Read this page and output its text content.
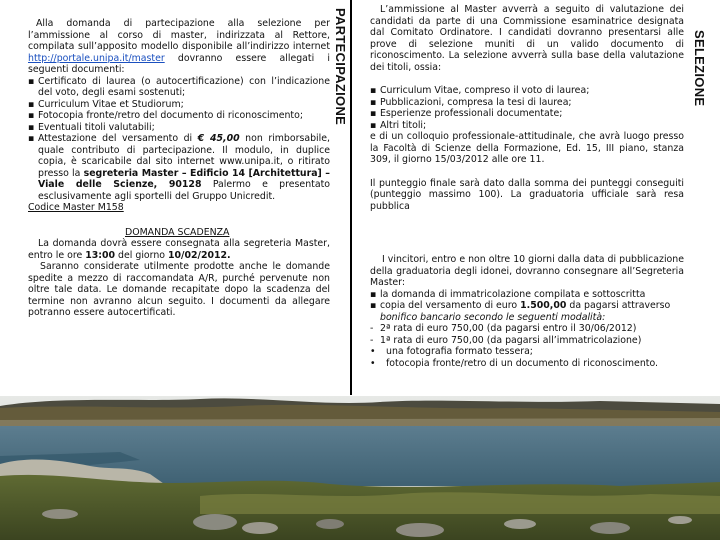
Alla domanda di partecipazione alla selezione per l’ammissione al corso di master, indirizzata al Rettore, compilata sull’apposito modello disponibile all’indirizzo internet http://portale.unipa.it/master dovranno essere allegati i seguenti documenti:

▪ Certificato di laurea (o autocertificazione) con l’indicazione del voto, degli esami sostenuti;
▪ Curriculum Vitae et Studiorum;
▪ Fotocopia fronte/retro del documento di riconoscimento;
▪ Eventuali titoli valutabili;
▪ Attestazione del versamento di € 45,00 non rimborsabile, quale contributo di partecipazione. Il modulo, in duplice copia, è scaricabile dal sito internet www.unipa.it, o ritirato presso la segreteria Master – Edificio 14 [Architettura] – Viale delle Scienze, 90128 Palermo e presentato esclusivamente agli sportelli del Gruppo Unicredit.

Codice Master M158

DOMANDA SCADENZA

La domanda dovrà essere consegnata alla segreteria Master, entro le ore 13:00 del giorno 10/02/2012.

Saranno considerate utilmente prodotte anche le domande spedite a mezzo di raccomandata A/R, purché pervenute non oltre tale data. Le domande recapitate dopo la scadenza del termine non avranno alcun seguito. I documenti da allegare potranno essere autocertificati.

PARTECIPAZIONE	L’ammissione al Master avverrà a seguito di valutazione dei candidati da parte di una Commissione esaminatrice designata dal Comitato Ordinatore. I candidati dovranno presentarsi alle prove di selezione muniti di un valido documento di riconoscimento. La selezione avverrà sulla base della valutazione dei titoli, ossia:

▪ Curriculum Vitae, compreso il voto di laurea;
▪ Pubblicazioni, compresa la tesi di laurea;
▪ Esperienze professionali documentate;
▪ Altri titoli;

e di un colloquio professionale-attitudinale, che avrà luogo presso la Facoltà di Scienze della Formazione, Ed. 15, III piano, stanza 309, il giorno 15/03/2012 alle ore 11.

Il punteggio finale sarà dato dalla somma dei punteggi conseguiti (punteggio massimo 100). La graduatoria ufficiale sarà resa pubblica

I vincitori, entro e non oltre 10 giorni dalla data di pubblicazione della graduatoria degli idonei, dovranno consegnare all’Segreteria Master:

▪ la domanda di immatricolazione compilata e sottoscritta
▪ copia del versamento di euro 1.500,00 da pagarsi attraverso

bonifico bancario secondo le seguenti modalità:

- 2ª rata di euro 750,00 (da pagarsi entro il 30/06/2012)
- 1ª rata di euro 750,00 (da pagarsi all’immatricolazione)
•	una fotografia formato tessera;
•	fotocopia fronte/retro di un documento di riconoscimento.
SELEZIONE
